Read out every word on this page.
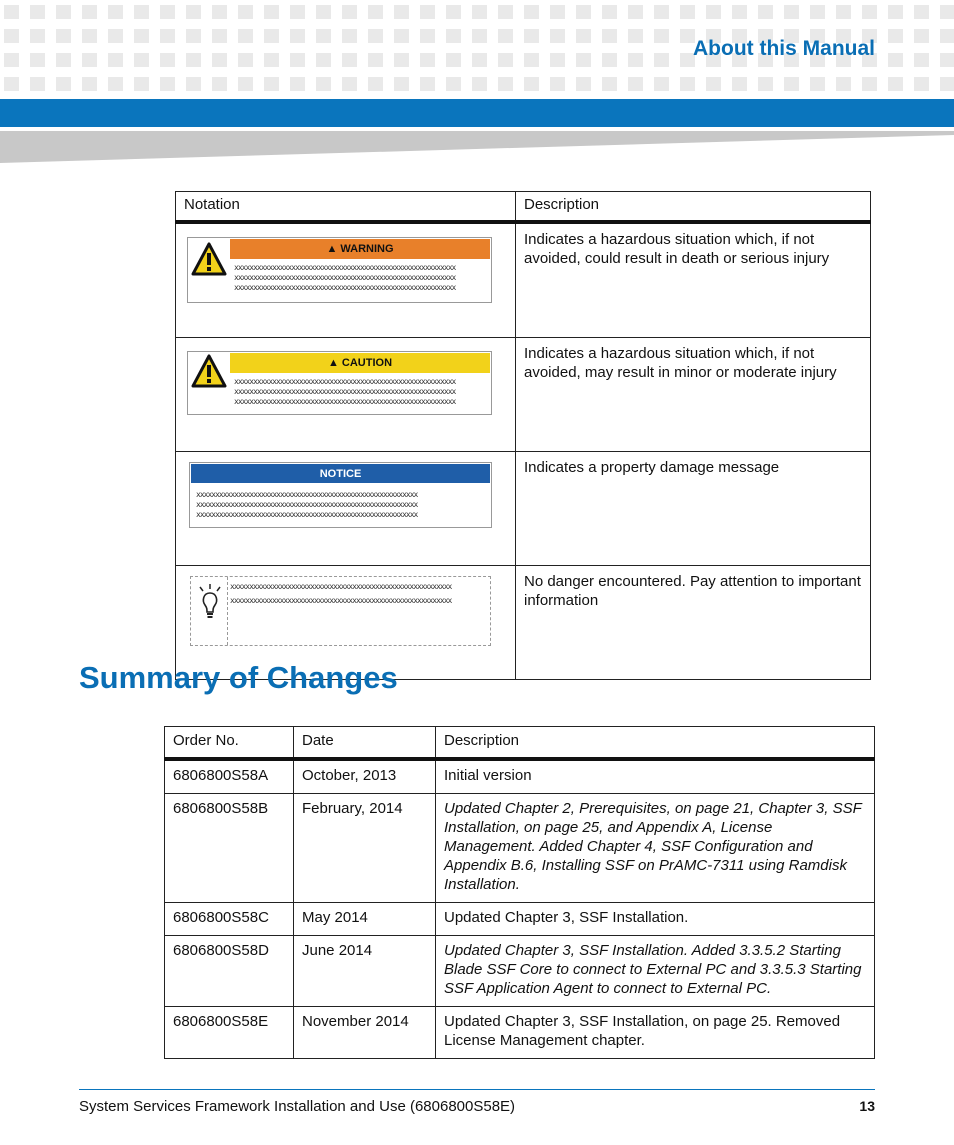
About this Manual
Notation	Description

▲ WARNING
xxxxxxxxxxxxxxxxxxxxxxxxxxxxxxxxxxxxxxxxxxxxxxxxxxxxxxxxxx
xxxxxxxxxxxxxxxxxxxxxxxxxxxxxxxxxxxxxxxxxxxxxxxxxxxxxxxxxx
xxxxxxxxxxxxxxxxxxxxxxxxxxxxxxxxxxxxxxxxxxxxxxxxxxxxxxxxxx	Indicates a hazardous situation which, if not avoided, could result in death or serious injury

▲ CAUTION
xxxxxxxxxxxxxxxxxxxxxxxxxxxxxxxxxxxxxxxxxxxxxxxxxxxxxxxxxx
xxxxxxxxxxxxxxxxxxxxxxxxxxxxxxxxxxxxxxxxxxxxxxxxxxxxxxxxxx
xxxxxxxxxxxxxxxxxxxxxxxxxxxxxxxxxxxxxxxxxxxxxxxxxxxxxxxxxx	Indicates a hazardous situation which, if not avoided, may result in minor or moderate injury

NOTICE
xxxxxxxxxxxxxxxxxxxxxxxxxxxxxxxxxxxxxxxxxxxxxxxxxxxxxxxxxx
xxxxxxxxxxxxxxxxxxxxxxxxxxxxxxxxxxxxxxxxxxxxxxxxxxxxxxxxxx
xxxxxxxxxxxxxxxxxxxxxxxxxxxxxxxxxxxxxxxxxxxxxxxxxxxxxxxxxx	Indicates a property damage message

xxxxxxxxxxxxxxxxxxxxxxxxxxxxxxxxxxxxxxxxxxxxxxxxxxxxxxxxxx
xxxxxxxxxxxxxxxxxxxxxxxxxxxxxxxxxxxxxxxxxxxxxxxxxxxxxxxxxx	No danger encountered. Pay attention to important information
Summary of Changes
Order No.	Date	Description
6806800S58A	October, 2013	Initial version
6806800S58B	February, 2014	Updated Chapter 2, Prerequisites, on page 21, Chapter 3, SSF Installation, on page 25, and Appendix A, License Management. Added Chapter 4, SSF Configuration and Appendix B.6, Installing SSF on PrAMC-7311 using Ramdisk Installation.
6806800S58C	May 2014	Updated Chapter 3, SSF Installation.
6806800S58D	June 2014	Updated Chapter 3, SSF Installation. Added 3.3.5.2 Starting Blade SSF Core to connect to External PC and 3.3.5.3 Starting SSF Application Agent to connect to External PC.
6806800S58E	November 2014	Updated Chapter 3, SSF Installation, on page 25. Removed License Management chapter.
System Services Framework Installation and Use (6806800S58E)	13
